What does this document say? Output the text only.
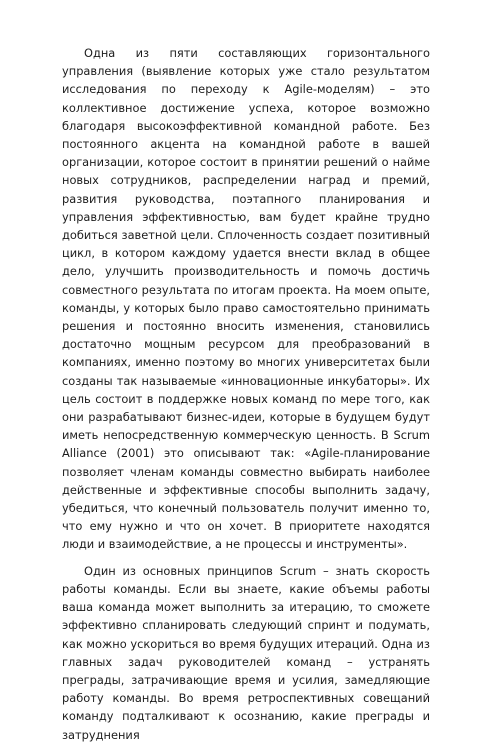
Одна из пяти составляющих горизонтального управления (выявление которых уже стало результатом исследования по переходу к Agile-моделям) – это коллективное достижение успеха, которое возможно благодаря высокоэффективной командной работе. Без постоянного акцента на командной работе в вашей организации, которое состоит в принятии решений о найме новых сотрудников, распределении наград и премий, развития руководства, поэтапного планирования и управления эффективностью, вам будет крайне трудно добиться заветной цели. Сплоченность создает позитивный цикл, в котором каждому удается внести вклад в общее дело, улучшить производительность и помочь достичь совместного результата по итогам проекта. На моем опыте, команды, у которых было право самостоятельно принимать решения и постоянно вносить изменения, становились достаточно мощным ресурсом для преобразований в компаниях, именно поэтому во многих университетах были созданы так называемые «инновационные инкубаторы». Их цель состоит в поддержке новых команд по мере того, как они разрабатывают бизнес-идеи, которые в будущем будут иметь непосредственную коммерческую ценность. В Scrum Alliance (2001) это описывают так: «Agile-планирование позволяет членам команды совместно выбирать наиболее действенные и эффективные способы выполнить задачу, убедиться, что конечный пользователь получит именно то, что ему нужно и что он хочет. В приоритете находятся люди и взаимодействие, а не процессы и инструменты».

Один из основных принципов Scrum – знать скорость работы команды. Если вы знаете, какие объемы работы ваша команда может выполнить за итерацию, то сможете эффективно спланировать следующий спринт и подумать, как можно ускориться во время будущих итераций. Одна из главных задач руководителей команд – устранять преграды, затрачивающие время и усилия, замедляющие работу команды. Во время ретроспективных совещаний команду подталкивают к осознанию, какие преграды и затруднения
